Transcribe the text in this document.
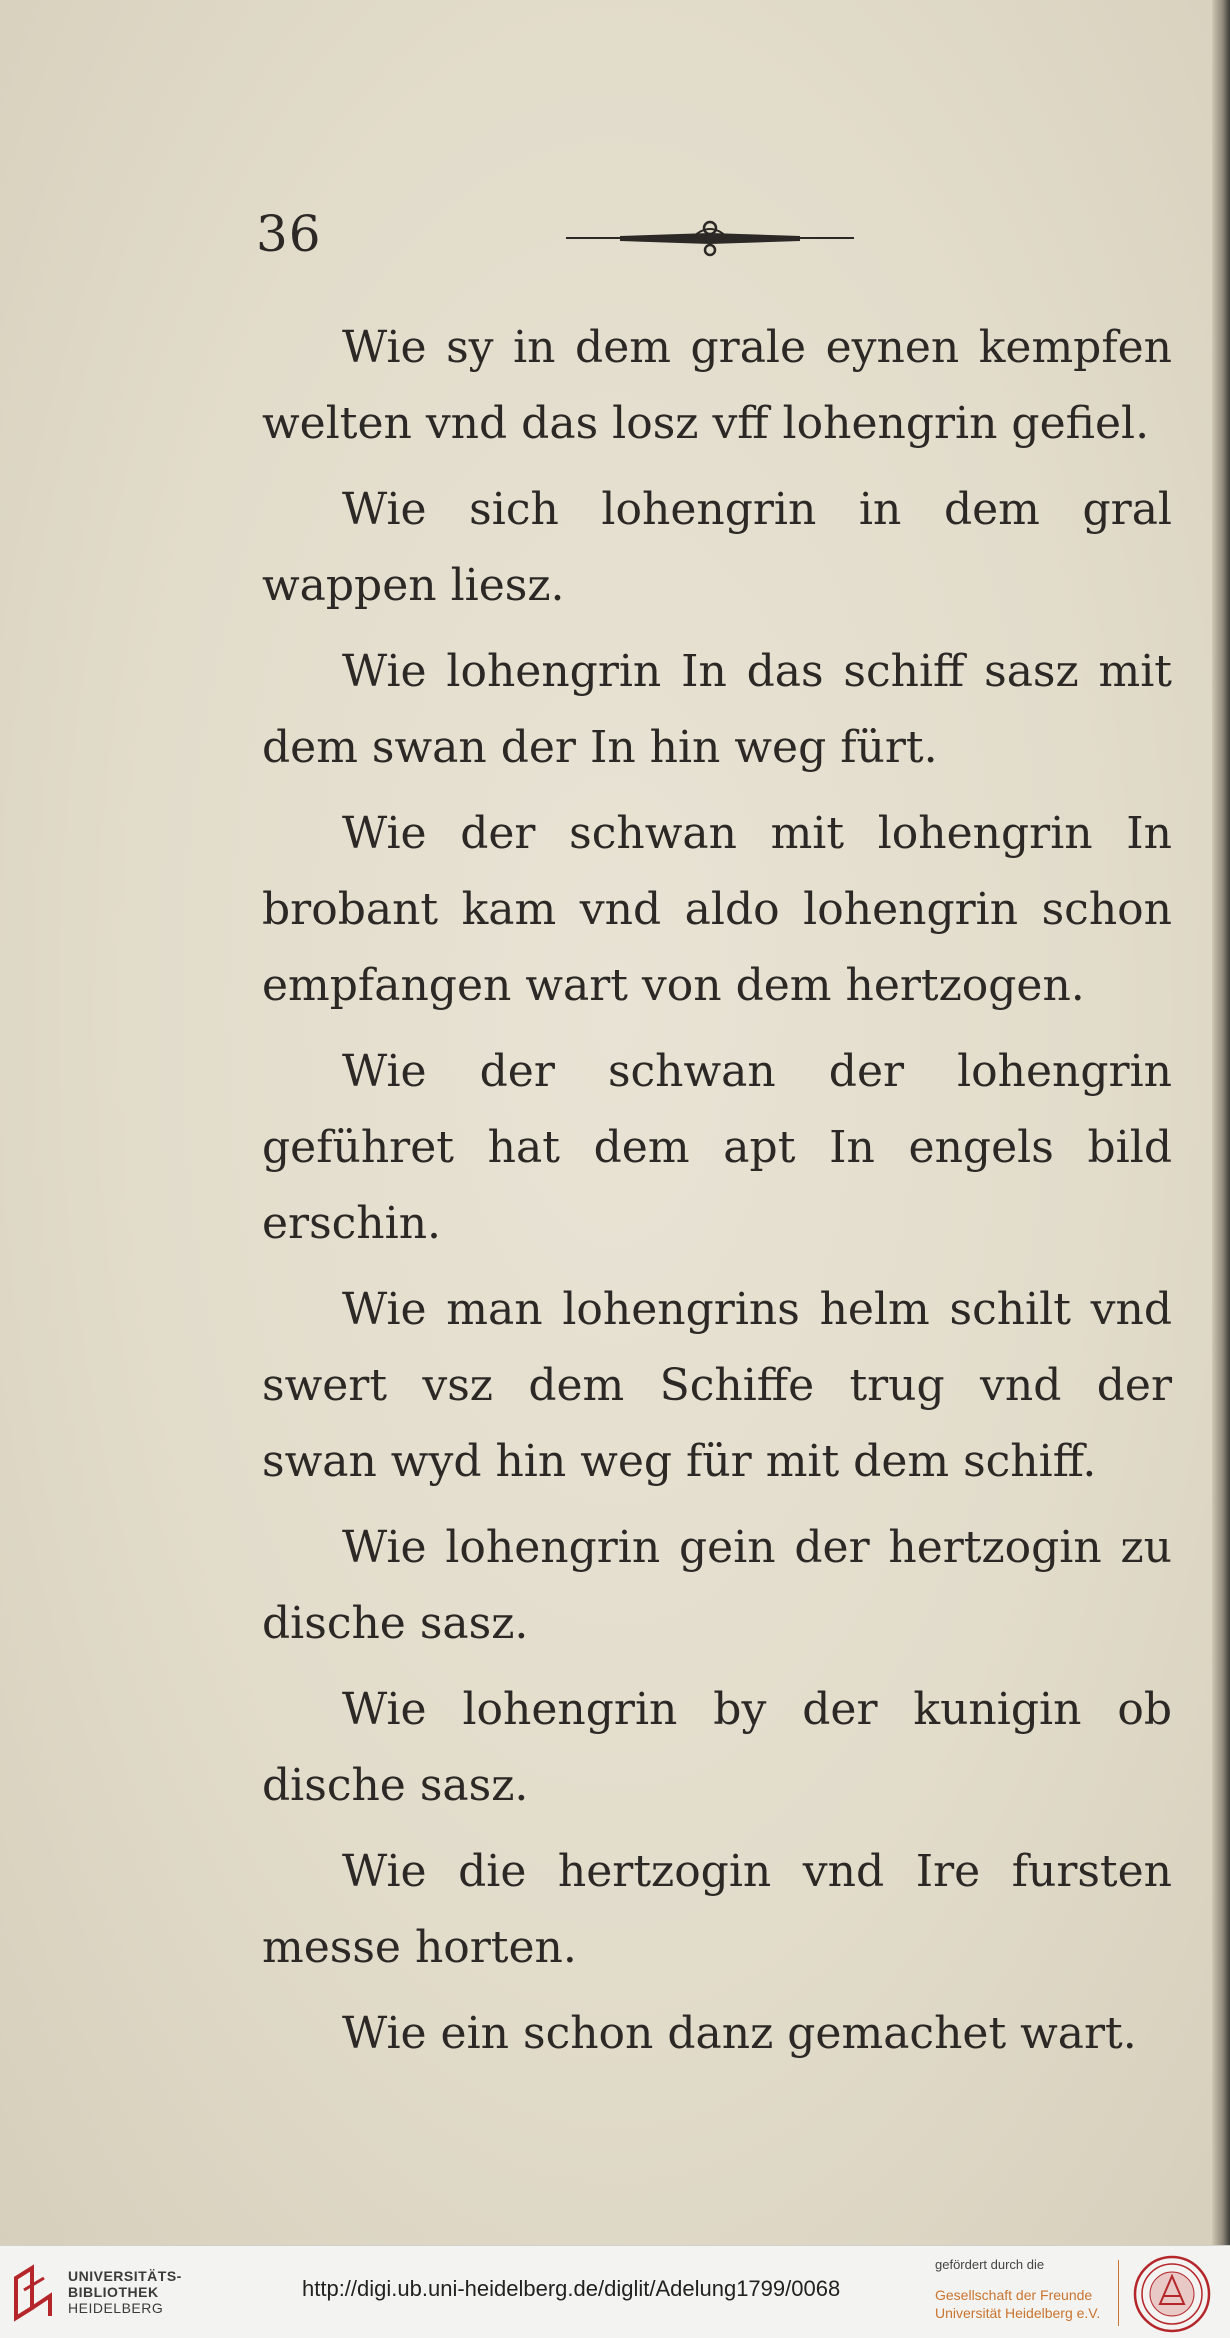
36

Wie sy in dem grale eynen kempfen welten vnd das losz vff lohengrin gefiel.

Wie sich lohengrin in dem gral wappen liesz.

Wie lohengrin In das schiff sasz mit dem swan der In hin weg fürt.

Wie der schwan mit lohengrin In brobant kam vnd aldo lohengrin schon empfangen wart von dem hertzogen.

Wie der schwan der lohengrin geführet hat dem apt In engels bild erschin.

Wie man lohengrins helm schilt vnd swert vsz dem Schiffe trug vnd der swan wyd hin weg für mit dem schiff.

Wie lohengrin gein der hertzogin zu dische sasz.

Wie lohengrin by der kunigin ob dische sasz.

Wie die hertzogin vnd Ire fursten messe horten.

Wie ein schon danz gemachet wart.

UNIVERSITÄTS-
BIBLIOTHEK
HEIDELBERG
http://digi.ub.uni-heidelberg.de/diglit/Adelung1799/0068
gefördert durch die
Gesellschaft der Freunde
Universität Heidelberg e.V.
